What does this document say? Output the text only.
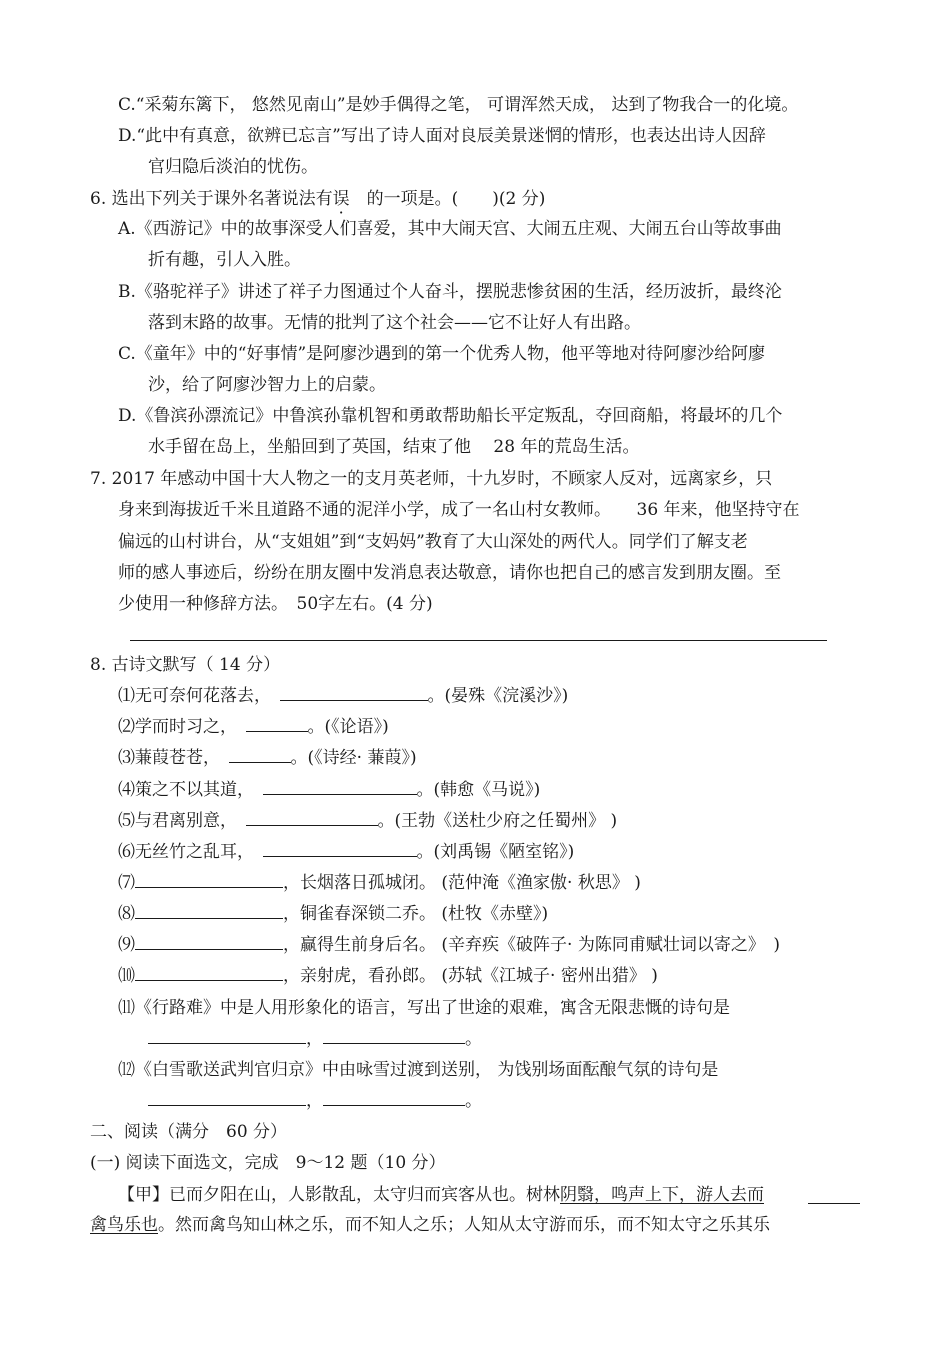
C.“采菊东篱下， 悠然见南山”是妙手偶得之笔， 可谓浑然天成， 达到了物我合一的化境。
D.“此中有真意，欲辨已忘言”写出了诗人面对良辰美景迷惘的情形，也表达出诗人因辞
官归隐后淡泊的忧伤。
6. 选出下列关于课外名著说法有误　 的一项是。(　　)(2 分)
A.《西游记》中的故事深受人们喜爱，其中大闹天宫、大闹五庄观、大闹五台山等故事曲
折有趣，引人入胜。
B.《骆驼祥子》讲述了祥子力图通过个人奋斗，摆脱悲惨贫困的生活，经历波折，最终沦
落到末路的故事。无情的批判了这个社会——它不让好人有出路。
C.《童年》中的“好事情”是阿廖沙遇到的第一个优秀人物，他平等地对待阿廖沙给阿廖
沙，给了阿廖沙智力上的启蒙。
D.《鲁滨孙漂流记》中鲁滨孙靠机智和勇敢帮助船长平定叛乱，夺回商船，将最坏的几个
水手留在岛上，坐船回到了英国，结束了他　 28 年的荒岛生活。
7. 2017 年感动中国十大人物之一的支月英老师，十九岁时，不顾家人反对，远离家乡，只
身来到海拔近千米且道路不通的泥洋小学，成了一名山村女教师。　　36 年来，他坚持守在
偏远的山村讲台，从“支姐姐”到“支妈妈”教育了大山深处的两代人。同学们了解支老
师的感人事迹后，纷纷在朋友圈中发消息表达敬意，请你也把自己的感言发到朋友圈。至
少使用一种修辞方法。　50字左右。(4 分)
8. 古诗文默写（ 14 分）
⑴无可奈何花落去，　	。(晏殊《浣溪沙》)
⑵学而时习之，　	。(《论语》)
⑶蒹葭苍苍，　	。(《诗经· 蒹葭》)
⑷策之不以其道，　	。(韩愈《马说》)
⑸与君离别意，　	。(王勃《送杜少府之任蜀州》 )
⑹无丝竹之乱耳，　	。(刘禹锡《陋室铭》)
⑺	，长烟落日孤城闭。 (范仲淹《渔家傲· 秋思》 )
⑻	，铜雀春深锁二乔。 (杜牧《赤壁》)
⑼	，赢得生前身后名。 (辛弃疾《破阵子· 为陈同甫赋壮词以寄之》　)
⑽	，亲射虎，看孙郎。 (苏轼《江城子· 密州出猎》 )
⑾《行路难》中是人用形象化的语言，写出了世途的艰难，寓含无限悲慨的诗句是
，	。
⑿《白雪歌送武判官归京》中由咏雪过渡到送别， 为饯别场面酝酿气氛的诗句是
，	。
二、阅读（满分　60 分）
(一) 阅读下面选文，完成　9～12 题（10 分）
【甲】已而夕阳在山，人影散乱，太守归而宾客从也。树林阴翳，鸣声上下，游人去而
禽鸟乐也。然而禽鸟知山林之乐，而不知人之乐；人知从太守游而乐，而不知太守之乐其乐
